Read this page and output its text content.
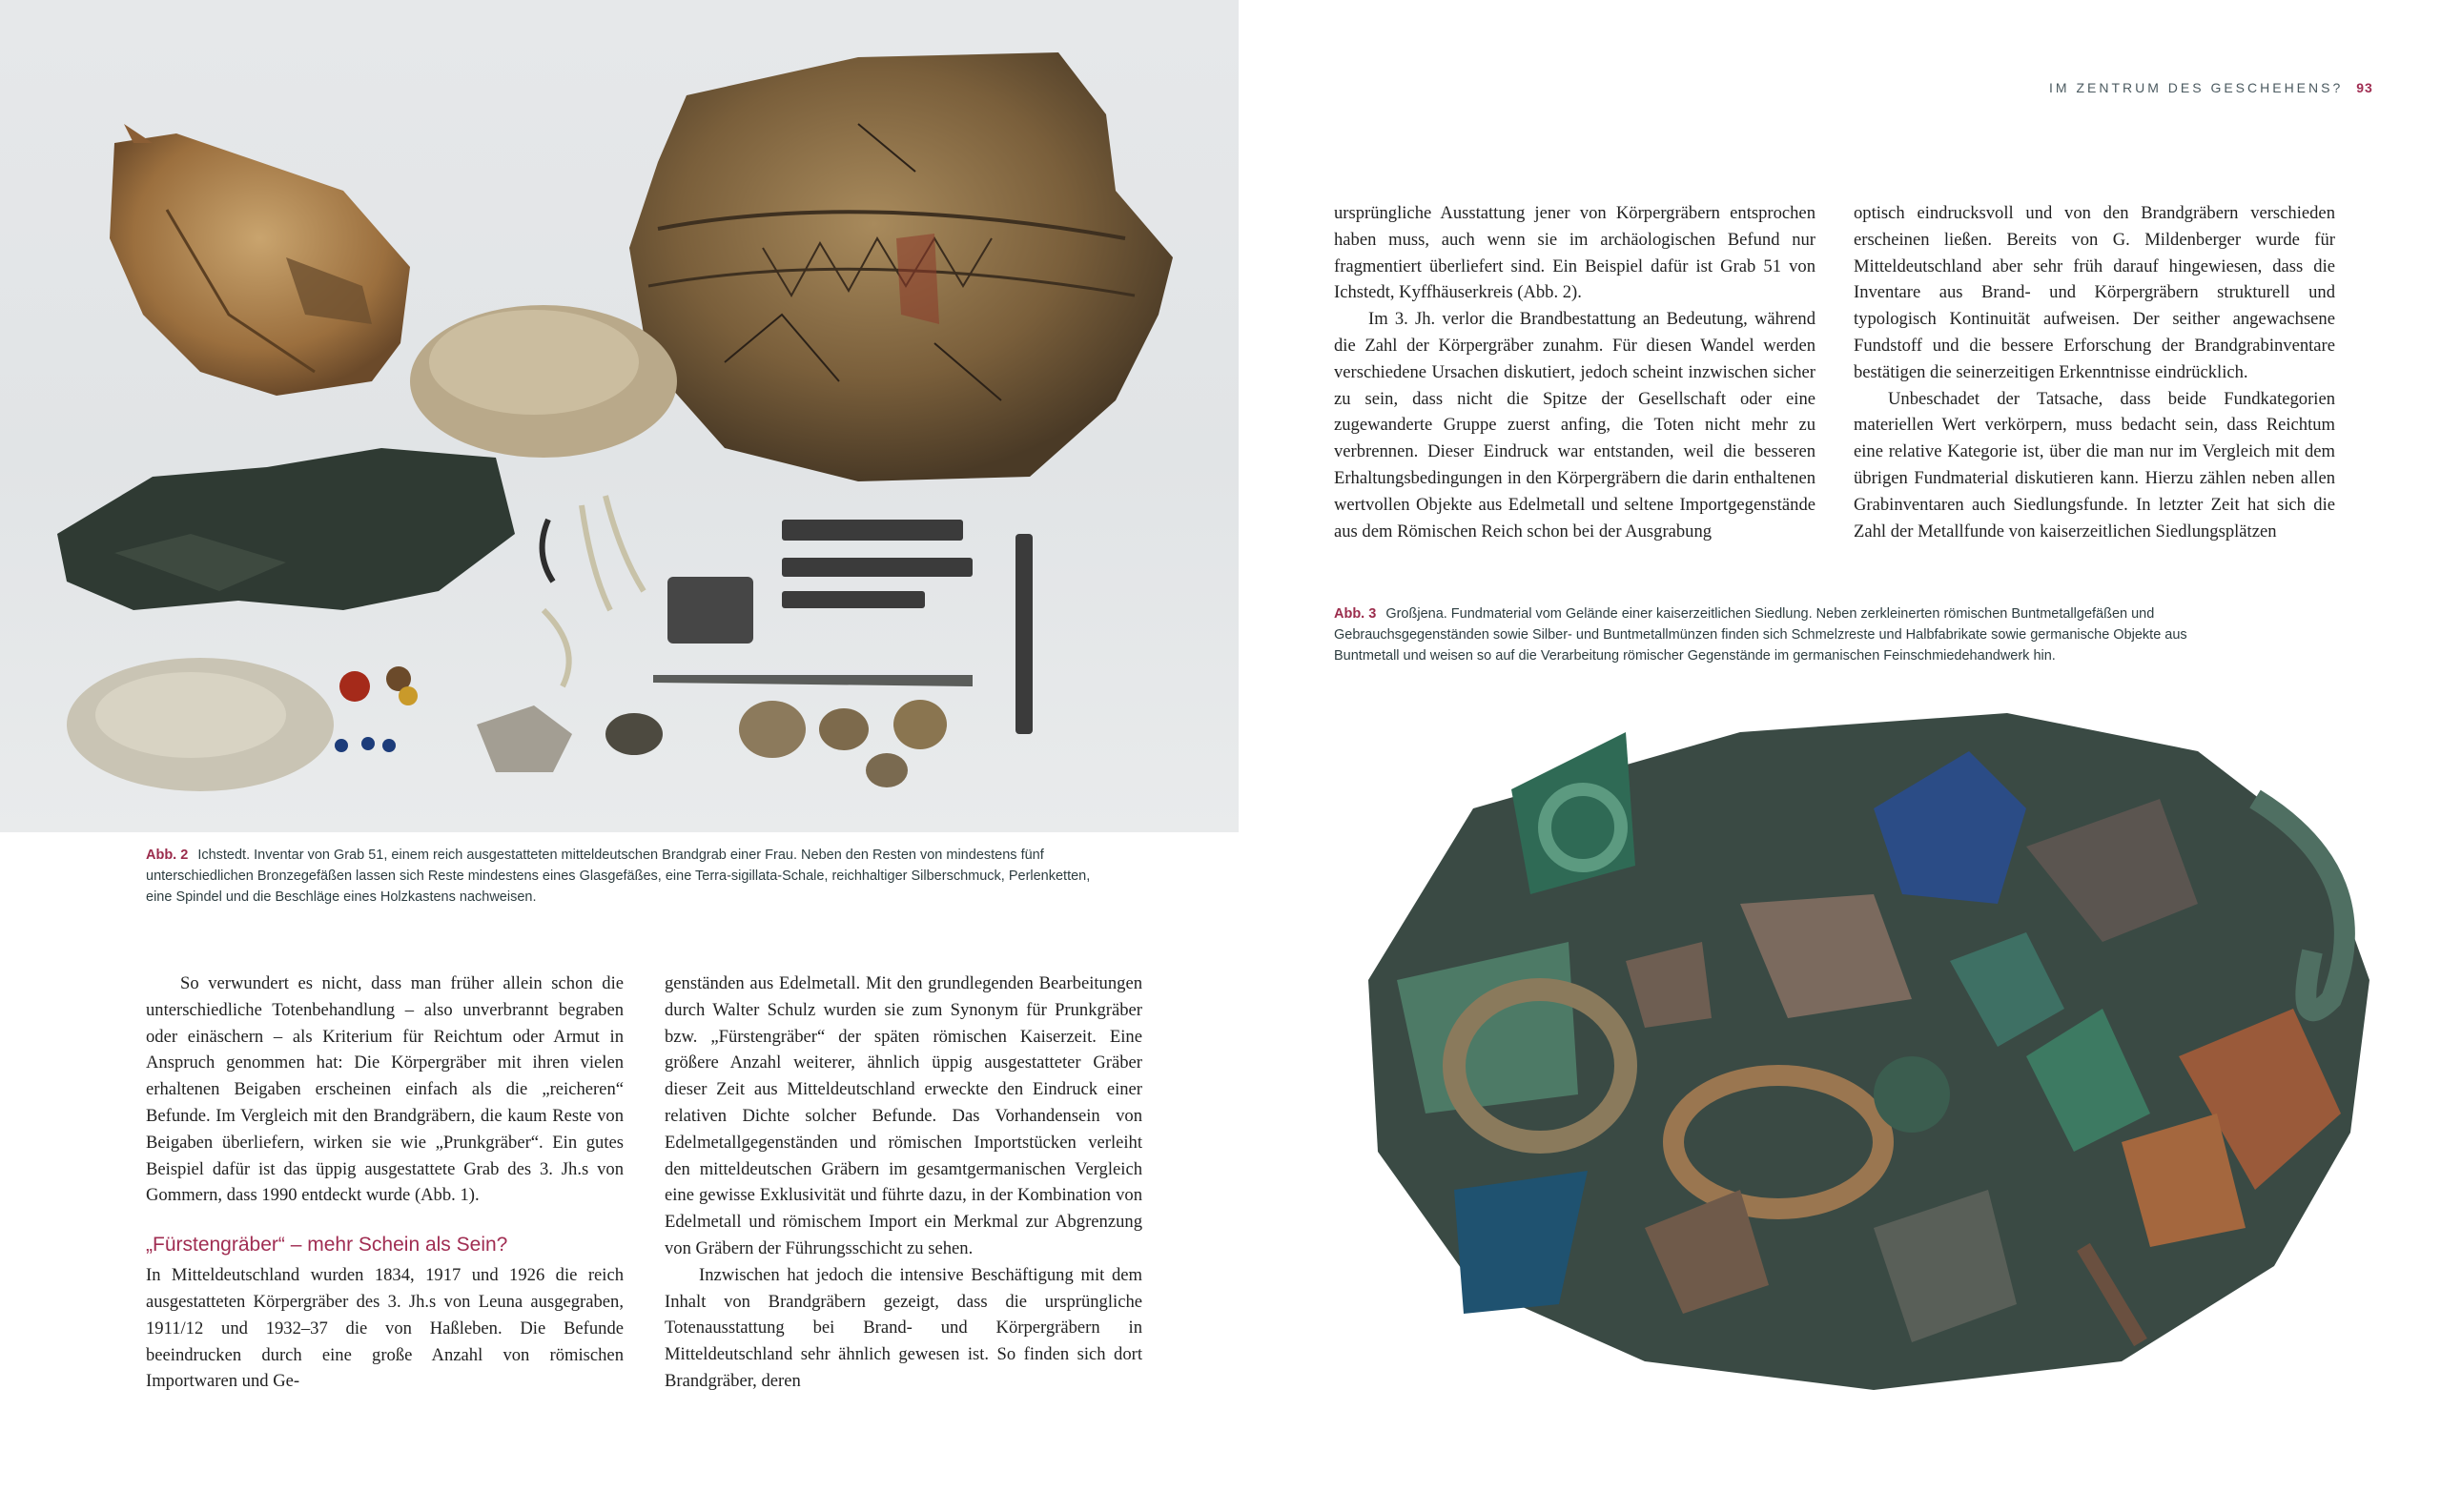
IM ZENTRUM DES GESCHEHENS? 93
Abb. 2 Ichstedt. Inventar von Grab 51, einem reich ausgestatteten mitteldeutschen Brandgrab einer Frau. Neben den Resten von mindestens fünf unterschiedlichen Bronzegefäßen lassen sich Reste mindestens eines Glasgefäßes, eine Terra-sigillata-Schale, reichhaltiger Silberschmuck, Perlenketten, eine Spindel und die Beschläge eines Holzkastens nachweisen.

So verwundert es nicht, dass man früher allein schon die unterschiedliche Totenbehandlung – also unverbrannt begraben oder einäschern – als Kriterium für Reichtum oder Armut in Anspruch genommen hat: Die Körpergräber mit ihren vielen erhaltenen Beigaben erscheinen einfach als die „reicheren“ Befunde. Im Vergleich mit den Brandgräbern, die kaum Reste von Beigaben überliefern, wirken sie wie „Prunkgräber“. Ein gutes Beispiel dafür ist das üppig ausgestattete Grab des 3. Jh.s von Gommern, dass 1990 entdeckt wurde (Abb. 1).

„Fürstengräber“ – mehr Schein als Sein?

In Mitteldeutschland wurden 1834, 1917 und 1926 die reich ausgestatteten Körpergräber des 3. Jh.s von Leuna ausgegraben, 1911/12 und 1932–37 die von Haßleben. Die Befunde beeindrucken durch eine große Anzahl von römischen Importwaren und Ge-

genständen aus Edelmetall. Mit den grundlegenden Bearbeitungen durch Walter Schulz wurden sie zum Synonym für Prunkgräber bzw. „Fürstengräber“ der späten römischen Kaiserzeit. Eine größere Anzahl weiterer, ähnlich üppig ausgestatteter Gräber dieser Zeit aus Mitteldeutschland erweckte den Eindruck einer relativen Dichte solcher Befunde. Das Vorhandensein von Edelmetallgegenständen und römischen Importstücken verleiht den mitteldeutschen Gräbern im gesamtgermanischen Vergleich eine gewisse Exklusivität und führte dazu, in der Kombination von Edelmetall und römischem Import ein Merkmal zur Abgrenzung von Gräbern der Führungsschicht zu sehen.

Inzwischen hat jedoch die intensive Beschäftigung mit dem Inhalt von Brandgräbern gezeigt, dass die ursprüngliche Totenausstattung bei Brand- und Körpergräbern in Mitteldeutschland sehr ähnlich gewesen ist. So finden sich dort Brandgräber, deren

ursprüngliche Ausstattung jener von Körpergräbern entsprochen haben muss, auch wenn sie im archäologischen Befund nur fragmentiert überliefert sind. Ein Beispiel dafür ist Grab 51 von Ichstedt, Kyffhäuserkreis (Abb. 2).

Im 3. Jh. verlor die Brandbestattung an Bedeutung, während die Zahl der Körpergräber zunahm. Für diesen Wandel werden verschiedene Ursachen diskutiert, jedoch scheint inzwischen sicher zu sein, dass nicht die Spitze der Gesellschaft oder eine zugewanderte Gruppe zuerst anfing, die Toten nicht mehr zu verbrennen. Dieser Eindruck war entstanden, weil die besseren Erhaltungsbedingungen in den Körpergräbern die darin enthaltenen wertvollen Objekte aus Edelmetall und seltene Importgegenstände aus dem Römischen Reich schon bei der Ausgrabung

optisch eindrucksvoll und von den Brandgräbern verschieden erscheinen ließen. Bereits von G. Mildenberger wurde für Mitteldeutschland aber sehr früh darauf hingewiesen, dass die Inventare aus Brand- und Körpergräbern strukturell und typologisch Kontinuität aufweisen. Der seither angewachsene Fundstoff und die bessere Erforschung der Brandgrabinventare bestätigen die seinerzeitigen Erkenntnisse eindrücklich.

Unbeschadet der Tatsache, dass beide Fundkategorien materiellen Wert verkörpern, muss bedacht sein, dass Reichtum eine relative Kategorie ist, über die man nur im Vergleich mit dem übrigen Fundmaterial diskutieren kann. Hierzu zählen neben allen Grabinventaren auch Siedlungsfunde. In letzter Zeit hat sich die Zahl der Metallfunde von kaiserzeitlichen Siedlungsplätzen

Abb. 3 Großjena. Fundmaterial vom Gelände einer kaiserzeitlichen Siedlung. Neben zerkleinerten römischen Buntmetallgefäßen und Gebrauchsgegenständen sowie Silber- und Buntmetallmünzen finden sich Schmelzreste und Halbfabrikate sowie germanische Objekte aus Buntmetall und weisen so auf die Verarbeitung römischer Gegenstände im germanischen Feinschmiedehandwerk hin.
